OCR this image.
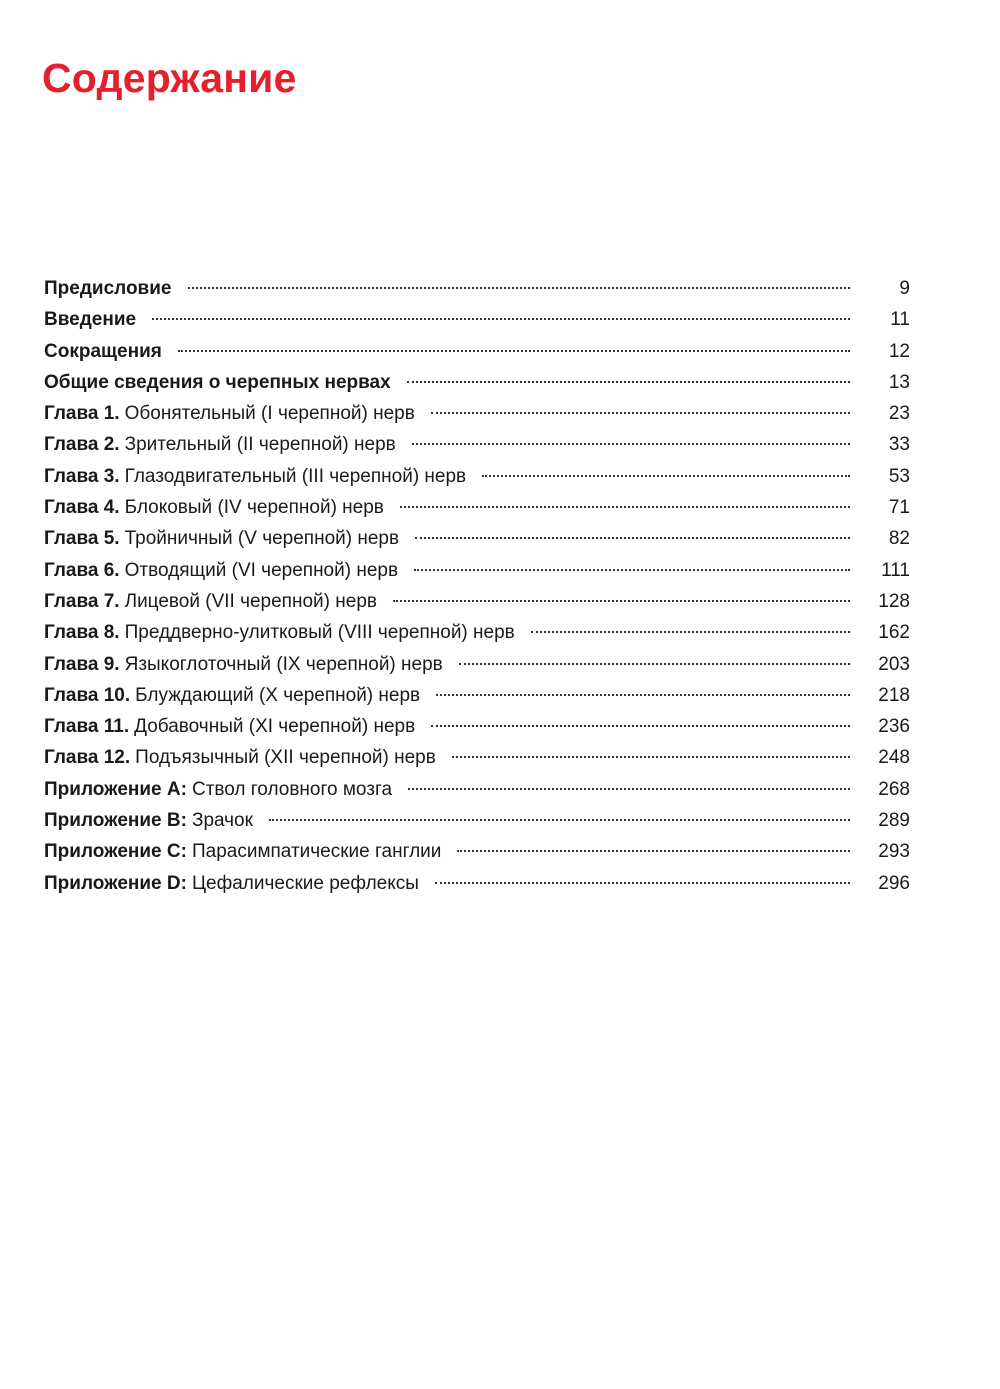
Содержание
Предисловие	9
Введение	11
Сокращения	12
Общие сведения о черепных нервах	13
Глава 1. Обонятельный (I черепной) нерв	23
Глава 2. Зрительный (II черепной) нерв	33
Глава 3. Глазодвигательный (III черепной) нерв	53
Глава 4. Блоковый (IV черепной) нерв	71
Глава 5. Тройничный (V черепной) нерв	82
Глава 6. Отводящий (VI черепной) нерв	111
Глава 7. Лицевой (VII черепной) нерв	128
Глава 8. Преддверно-улитковый (VIII черепной) нерв	162
Глава 9. Языкоглоточный (IX черепной) нерв	203
Глава 10. Блуждающий (X черепной) нерв	218
Глава 11. Добавочный (XI черепной) нерв	236
Глава 12. Подъязычный (XII черепной) нерв	248
Приложение A: Ствол головного мозга	268
Приложение B: Зрачок	289
Приложение C: Парасимпатические ганглии	293
Приложение D: Цефалические рефлексы	296
